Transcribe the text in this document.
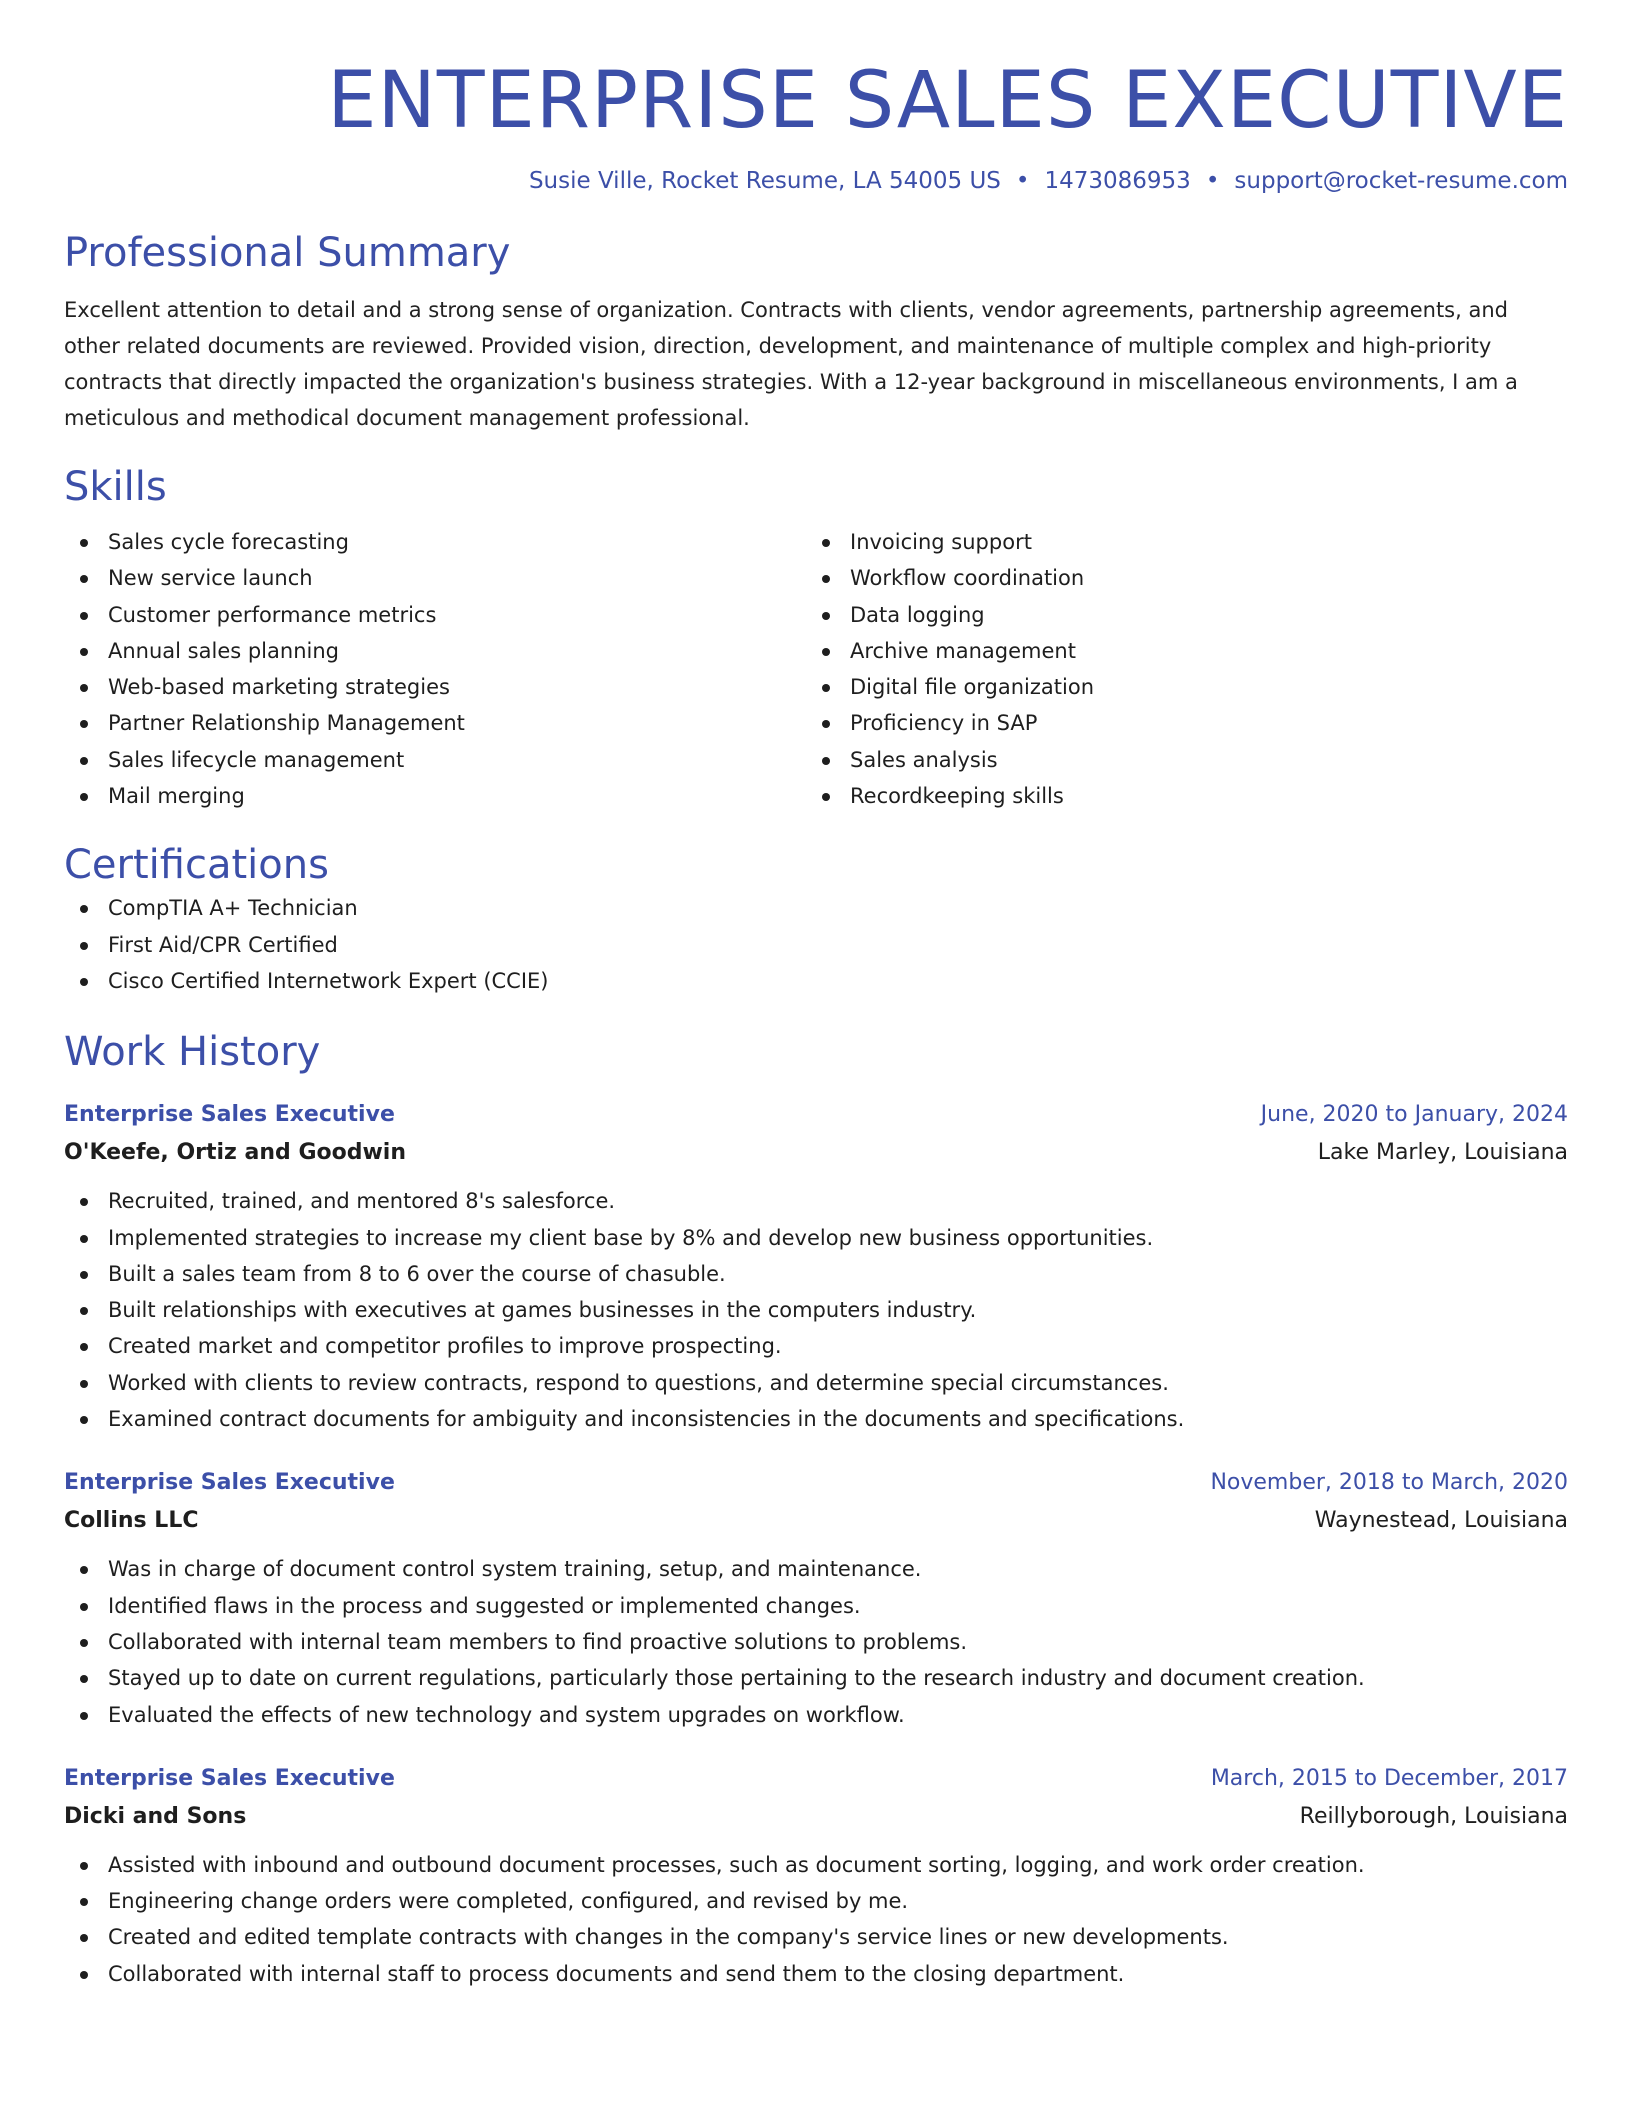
ENTERPRISE SALES EXECUTIVE
Susie Ville, Rocket Resume, LA 54005 US • 1473086953 • support@rocket-resume.com
Professional Summary

Excellent attention to detail and a strong sense of organization. Contracts with clients, vendor agreements, partnership agreements, and other related documents are reviewed. Provided vision, direction, development, and maintenance of multiple complex and high-priority contracts that directly impacted the organization's business strategies. With a 12-year background in miscellaneous environments, I am a meticulous and methodical document management professional.

Skills
Sales cycle forecasting
New service launch
Customer performance metrics
Annual sales planning
Web-based marketing strategies
Partner Relationship Management
Sales lifecycle management
Mail merging
Invoicing support
Workflow coordination
Data logging
Archive management
Digital file organization
Proficiency in SAP
Sales analysis
Recordkeeping skills
Certifications
CompTIA A+ Technician
First Aid/CPR Certified
Cisco Certified Internetwork Expert (CCIE)
Work History
Enterprise Sales Executive	June, 2020 to January, 2024
O'Keefe, Ortiz and Goodwin	Lake Marley, Louisiana
Recruited, trained, and mentored 8's salesforce.
Implemented strategies to increase my client base by 8% and develop new business opportunities.
Built a sales team from 8 to 6 over the course of chasuble.
Built relationships with executives at games businesses in the computers industry.
Created market and competitor profiles to improve prospecting.
Worked with clients to review contracts, respond to questions, and determine special circumstances.
Examined contract documents for ambiguity and inconsistencies in the documents and specifications.
Enterprise Sales Executive	November, 2018 to March, 2020
Collins LLC	Waynestead, Louisiana
Was in charge of document control system training, setup, and maintenance.
Identified flaws in the process and suggested or implemented changes.
Collaborated with internal team members to find proactive solutions to problems.
Stayed up to date on current regulations, particularly those pertaining to the research industry and document creation.
Evaluated the effects of new technology and system upgrades on workflow.
Enterprise Sales Executive	March, 2015 to December, 2017
Dicki and Sons	Reillyborough, Louisiana
Assisted with inbound and outbound document processes, such as document sorting, logging, and work order creation.
Engineering change orders were completed, configured, and revised by me.
Created and edited template contracts with changes in the company's service lines or new developments.
Collaborated with internal staff to process documents and send them to the closing department.
